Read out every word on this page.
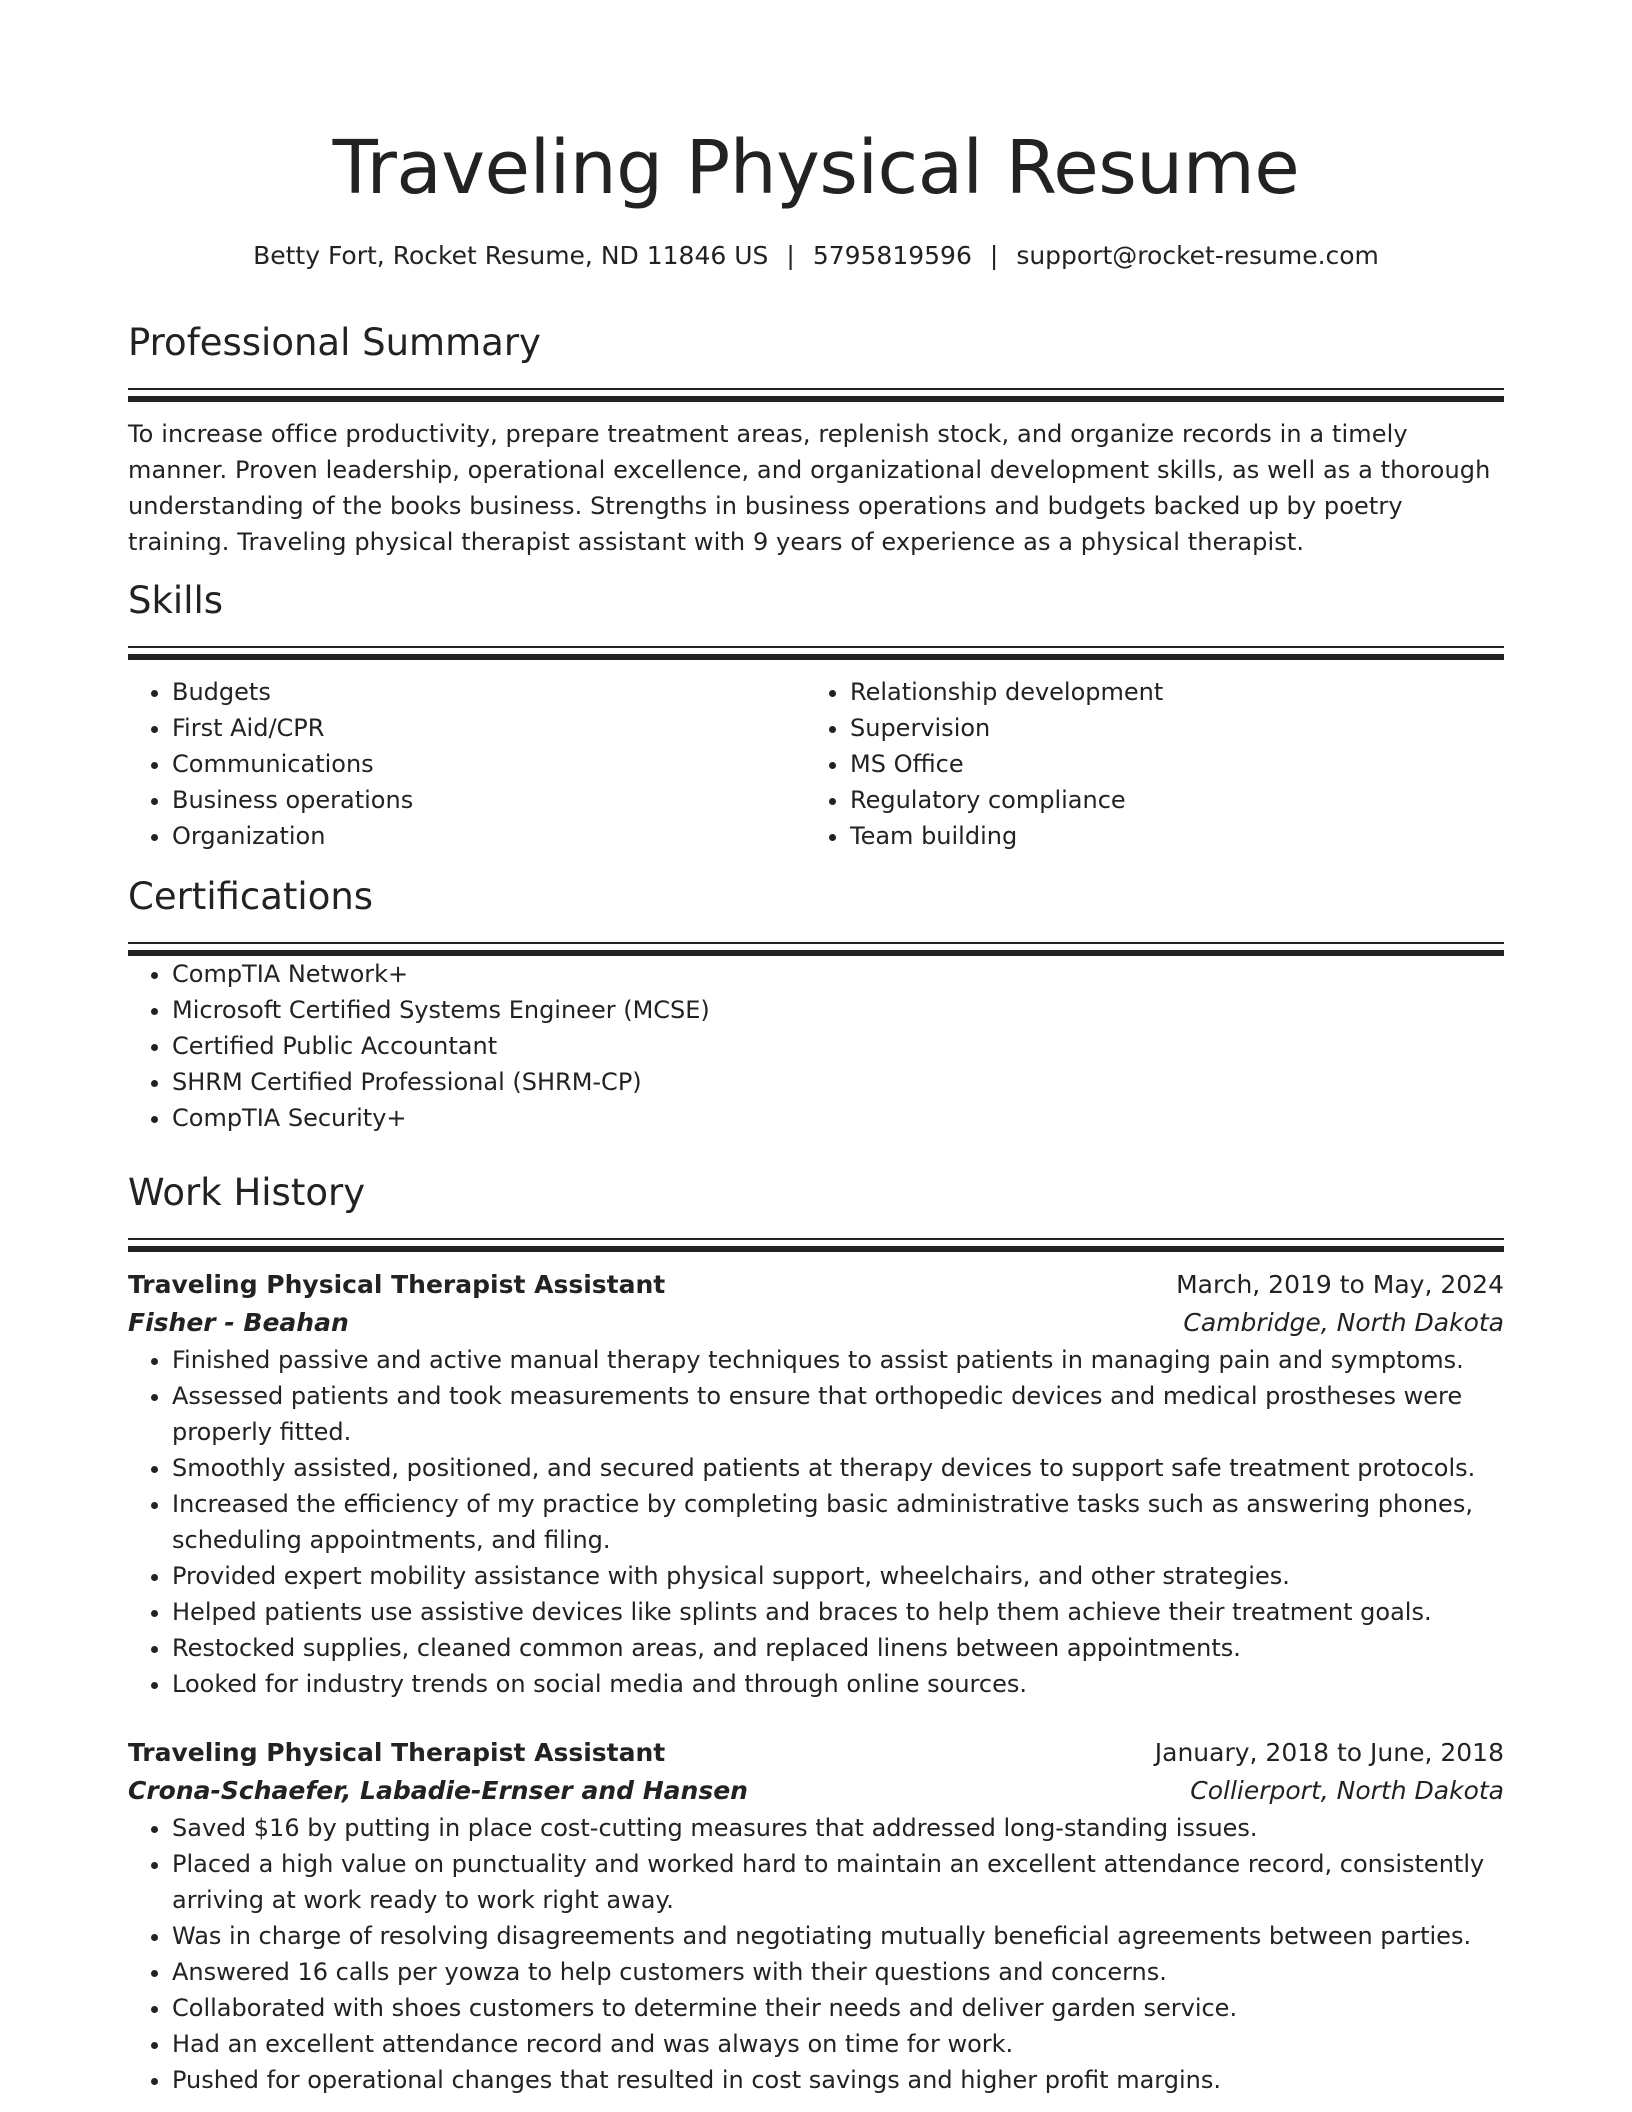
Traveling Physical Resume
Betty Fort, Rocket Resume, ND 11846 US | 5795819596 | support@rocket-resume.com
Professional Summary

To increase office productivity, prepare treatment areas, replenish stock, and organize records in a timely manner. Proven leadership, operational excellence, and organizational development skills, as well as a thorough understanding of the books business. Strengths in business operations and budgets backed up by poetry training. Traveling physical therapist assistant with 9 years of experience as a physical therapist.

Skills
• Budgets
• First Aid/CPR
• Communications
• Business operations
• Organization
• Relationship development
• Supervision
• MS Office
• Regulatory compliance
• Team building
Certifications
• CompTIA Network+
• Microsoft Certified Systems Engineer (MCSE)
• Certified Public Accountant
• SHRM Certified Professional (SHRM-CP)
• CompTIA Security+
Work History
Traveling Physical Therapist Assistant	March, 2019 to May, 2024
Fisher - Beahan	Cambridge, North Dakota
• Finished passive and active manual therapy techniques to assist patients in managing pain and symptoms.
• Assessed patients and took measurements to ensure that orthopedic devices and medical prostheses were properly fitted.
• Smoothly assisted, positioned, and secured patients at therapy devices to support safe treatment protocols.
• Increased the efficiency of my practice by completing basic administrative tasks such as answering phones, scheduling appointments, and filing.
• Provided expert mobility assistance with physical support, wheelchairs, and other strategies.
• Helped patients use assistive devices like splints and braces to help them achieve their treatment goals.
• Restocked supplies, cleaned common areas, and replaced linens between appointments.
• Looked for industry trends on social media and through online sources.
Traveling Physical Therapist Assistant	January, 2018 to June, 2018
Crona-Schaefer, Labadie-Ernser and Hansen	Collierport, North Dakota
• Saved $16 by putting in place cost-cutting measures that addressed long-standing issues.
• Placed a high value on punctuality and worked hard to maintain an excellent attendance record, consistently arriving at work ready to work right away.
• Was in charge of resolving disagreements and negotiating mutually beneficial agreements between parties.
• Answered 16 calls per yowza to help customers with their questions and concerns.
• Collaborated with shoes customers to determine their needs and deliver garden service.
• Had an excellent attendance record and was always on time for work.
• Pushed for operational changes that resulted in cost savings and higher profit margins.
